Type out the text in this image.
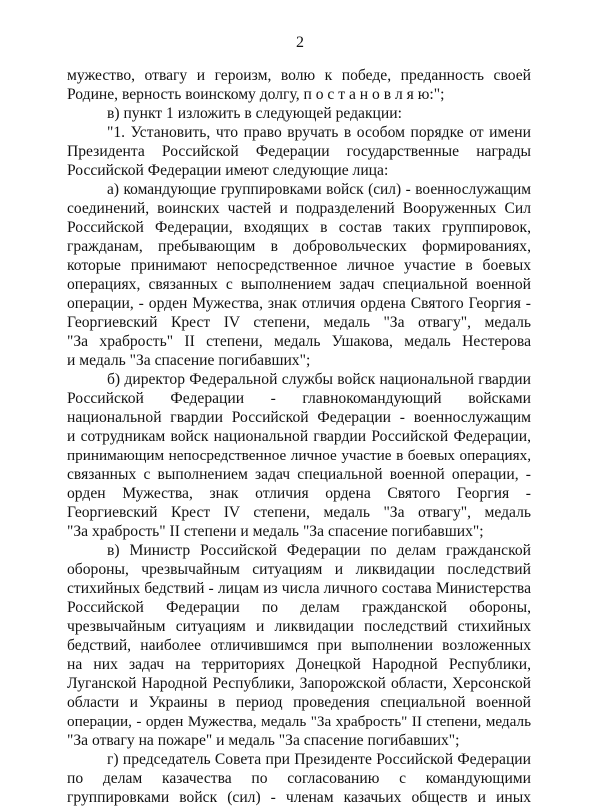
2
мужество, отвагу и героизм, волю к победе, преданность своей
Родине, верность воинскому долгу, п о с т а н о в л я ю:";
в) пункт 1 изложить в следующей редакции:
"1. Установить, что право вручать в особом порядке от имени
Президента Российской Федерации государственные награды
Российской Федерации имеют следующие лица:
а) командующие группировками войск (сил) - военнослужащим
соединений, воинских частей и подразделений Вооруженных Сил
Российской Федерации, входящих в состав таких группировок,
гражданам, пребывающим в добровольческих формированиях,
которые принимают непосредственное личное участие в боевых
операциях, связанных с выполнением задач специальной военной
операции, - орден Мужества, знак отличия ордена Святого Георгия -
Георгиевский Крест IV степени, медаль "За отвагу", медаль
"За храбрость" II степени, медаль Ушакова, медаль Нестерова
и медаль "За спасение погибавших";
б) директор Федеральной службы войск национальной гвардии
Российской Федерации - главнокомандующий войсками
национальной гвардии Российской Федерации - военнослужащим
и сотрудникам войск национальной гвардии Российской Федерации,
принимающим непосредственное личное участие в боевых операциях,
связанных с выполнением задач специальной военной операции, -
орден Мужества, знак отличия ордена Святого Георгия -
Георгиевский Крест IV степени, медаль "За отвагу", медаль
"За храбрость" II степени и медаль "За спасение погибавших";
в) Министр Российской Федерации по делам гражданской
обороны, чрезвычайным ситуациям и ликвидации последствий
стихийных бедствий - лицам из числа личного состава Министерства
Российской Федерации по делам гражданской обороны,
чрезвычайным ситуациям и ликвидации последствий стихийных
бедствий, наиболее отличившимся при выполнении возложенных
на них задач на территориях Донецкой Народной Республики,
Луганской Народной Республики, Запорожской области, Херсонской
области и Украины в период проведения специальной военной
операции, - орден Мужества, медаль "За храбрость" II степени, медаль
"За отвагу на пожаре" и медаль "За спасение погибавших";
г) председатель Совета при Президенте Российской Федерации
по делам казачества по согласованию с командующими
группировками войск (сил) - членам казачьих обществ и иных
